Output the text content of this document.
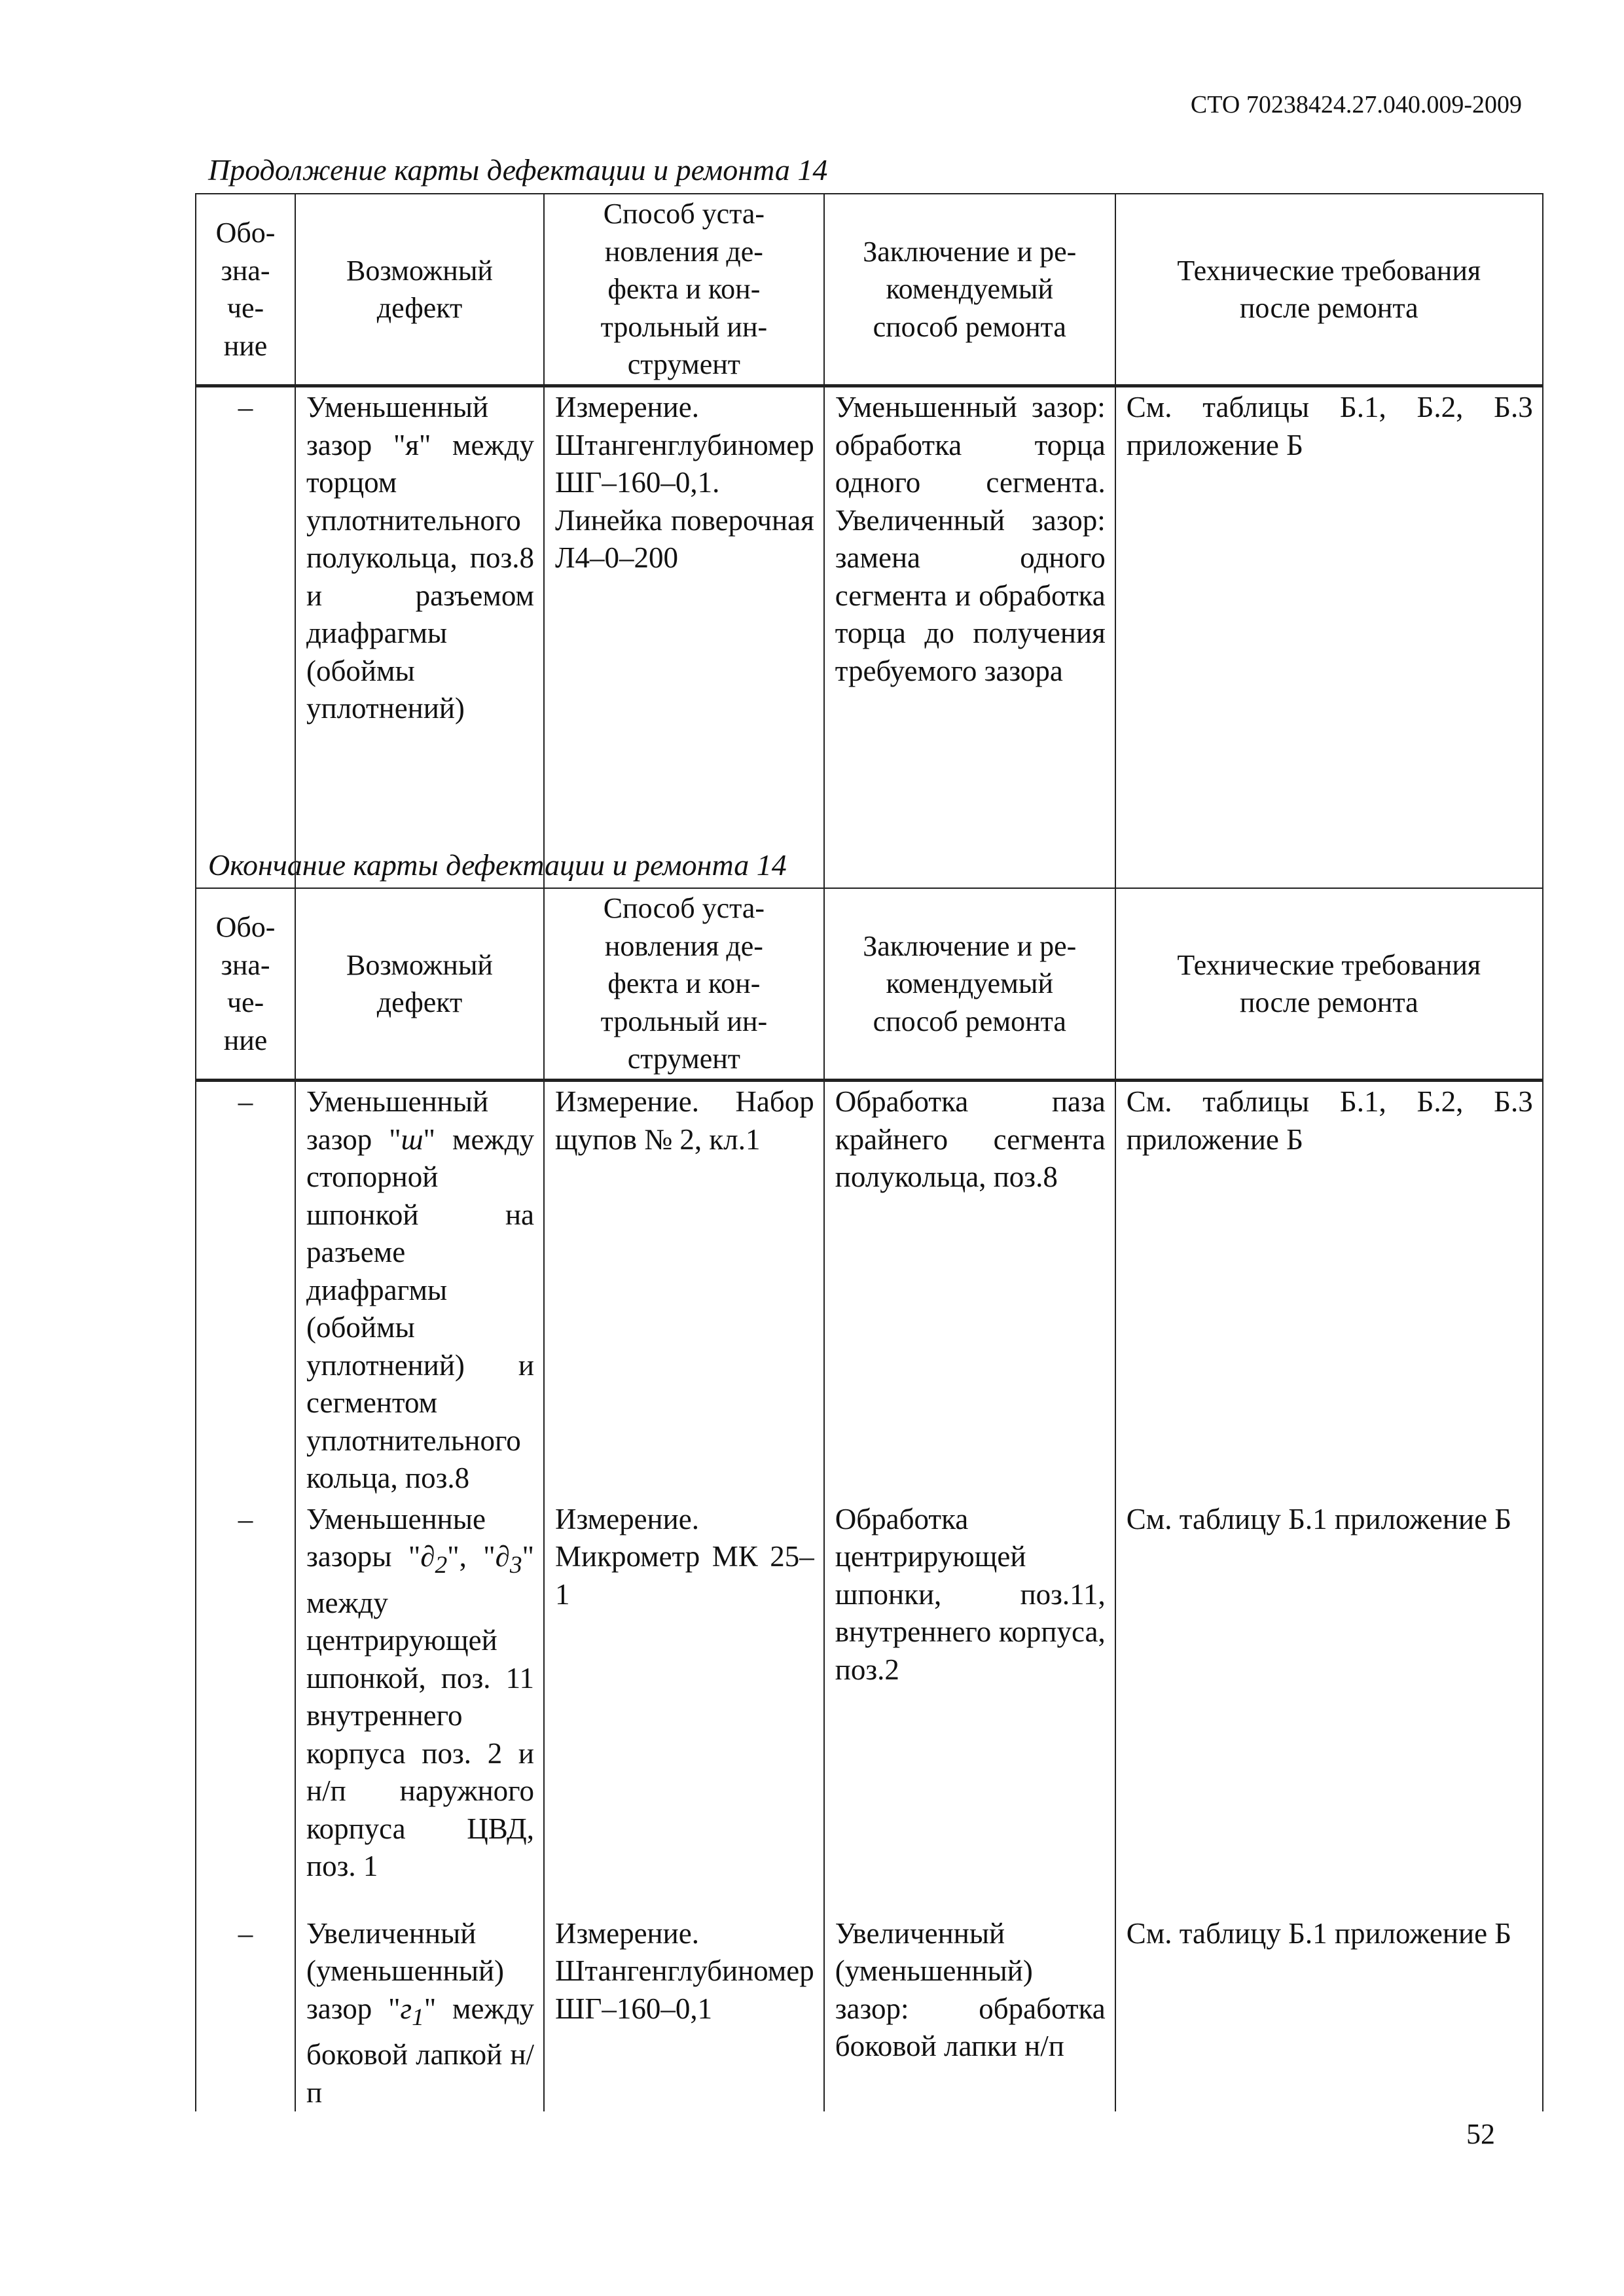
СТО 70238424.27.040.009-2009
Продолжение карты дефектации и ремонта 14
Обо-
зна-
че-
ние	Возможный
дефект	Способ уста-
новления де-
фекта и кон-
трольный ин-
струмент	Заключение и ре-
комендуемый
способ ремонта	Технические требования
после ремонта
–	Уменьшенный зазор "я" между торцом уплотнительного полукольца, поз.8 и разъемом диафрагмы (обоймы уплотнений)	Измерение. Штангенглубиномер ШГ–160–0,1. Линейка поверочная Л4–0–200	Уменьшенный зазор: обработка торца одного сегмента. Увеличенный зазор: замена одного сегмента и обработка торца до получения требуемого зазора	См. таблицы Б.1, Б.2, Б.3 приложение Б
Окончание карты дефектации и ремонта 14
Обо-
зна-
че-
ние	Возможный
дефект	Способ уста-
новления де-
фекта и кон-
трольный ин-
струмент	Заключение и ре-
комендуемый
способ ремонта	Технические требования
после ремонта
–	Уменьшенный зазор "ш" между стопорной шпонкой на разъеме диафрагмы (обоймы уплотнений) и сегментом уплотнительного кольца, поз.8	Измерение. Набор щупов № 2, кл.1	Обработка паза крайнего сегмента полукольца, поз.8	См. таблицы Б.1, Б.2, Б.3 приложение Б
–	Уменьшенные зазоры "$\partial_2$", "$\partial_3$" между центрирующей шпонкой, поз. 11 внутреннего корпуса поз. 2 и н/п наружного корпуса ЦВД, поз. 1	Измерение. Микрометр МК 25–1	Обработка центрирующей шпонки, поз.11, внутреннего корпуса, поз.2	См. таблицу Б.1 приложение Б
–	Увеличенный (уменьшенный) зазор "$г_1$" между боковой лапкой н/п	Измерение. Штангенглубиномер ШГ–160–0,1	Увеличенный (уменьшенный) зазор: обработка боковой лапки н/п	См. таблицу Б.1 приложение Б
52
